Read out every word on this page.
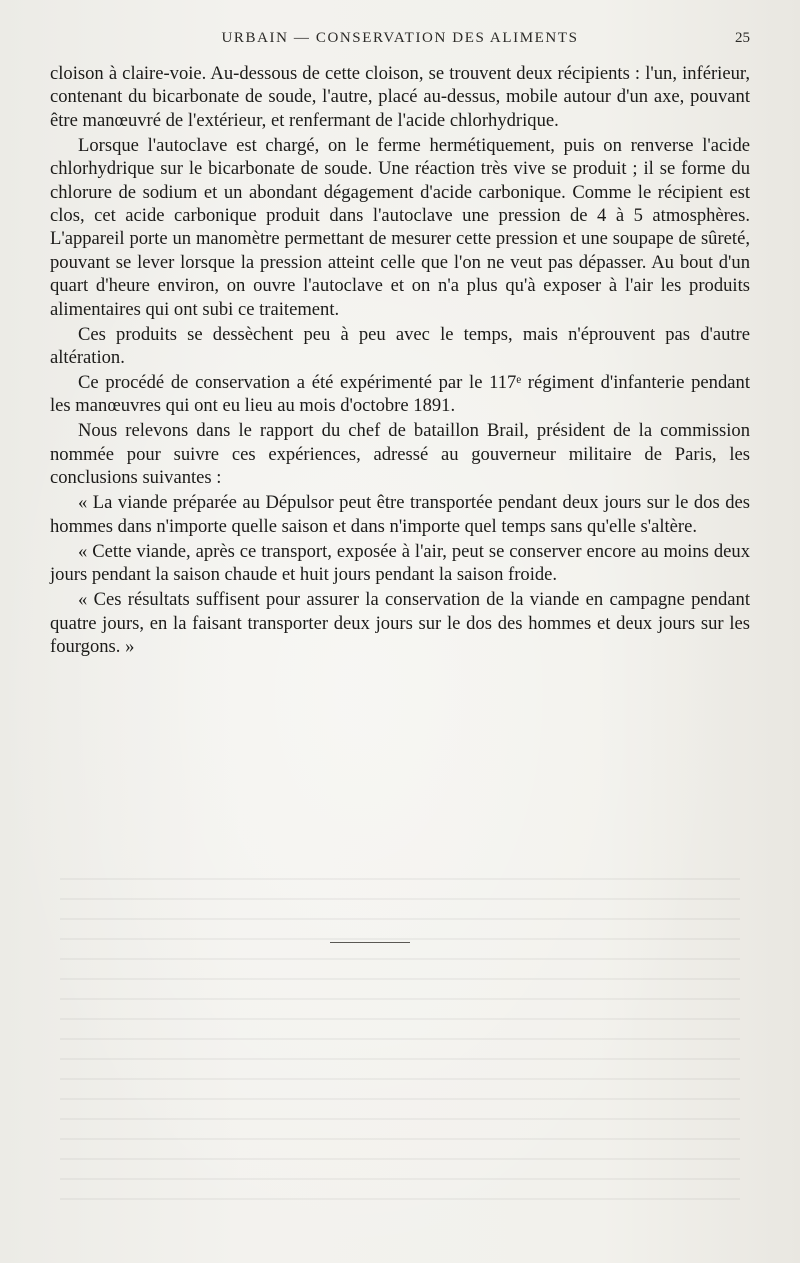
URBAIN — CONSERVATION DES ALIMENTS	25

cloison à claire-voie. Au-dessous de cette cloison, se trouvent deux récipients : l'un, inférieur, contenant du bicarbonate de soude, l'autre, placé au-dessus, mobile autour d'un axe, pouvant être manœuvré de l'extérieur, et renfermant de l'acide chlorhydrique.

Lorsque l'autoclave est chargé, on le ferme hermétiquement, puis on renverse l'acide chlorhydrique sur le bicarbonate de soude. Une réaction très vive se produit ; il se forme du chlorure de sodium et un abondant dégagement d'acide carbonique. Comme le récipient est clos, cet acide carbonique produit dans l'autoclave une pression de 4 à 5 atmosphères. L'appareil porte un manomètre permettant de mesurer cette pression et une soupape de sûreté, pouvant se lever lorsque la pression atteint celle que l'on ne veut pas dépasser. Au bout d'un quart d'heure environ, on ouvre l'autoclave et on n'a plus qu'à exposer à l'air les produits alimentaires qui ont subi ce traitement.

Ces produits se dessèchent peu à peu avec le temps, mais n'éprouvent pas d'autre altération.

Ce procédé de conservation a été expérimenté par le 117ᵉ régiment d'infanterie pendant les manœuvres qui ont eu lieu au mois d'octobre 1891.

Nous relevons dans le rapport du chef de bataillon Brail, président de la commission nommée pour suivre ces expériences, adressé au gouverneur militaire de Paris, les conclusions suivantes :

« La viande préparée au Dépulsor peut être transportée pendant deux jours sur le dos des hommes dans n'importe quelle saison et dans n'importe quel temps sans qu'elle s'altère.

« Cette viande, après ce transport, exposée à l'air, peut se conserver encore au moins deux jours pendant la saison chaude et huit jours pendant la saison froide.

« Ces résultats suffisent pour assurer la conservation de la viande en campagne pendant quatre jours, en la faisant transporter deux jours sur le dos des hommes et deux jours sur les fourgons. »
